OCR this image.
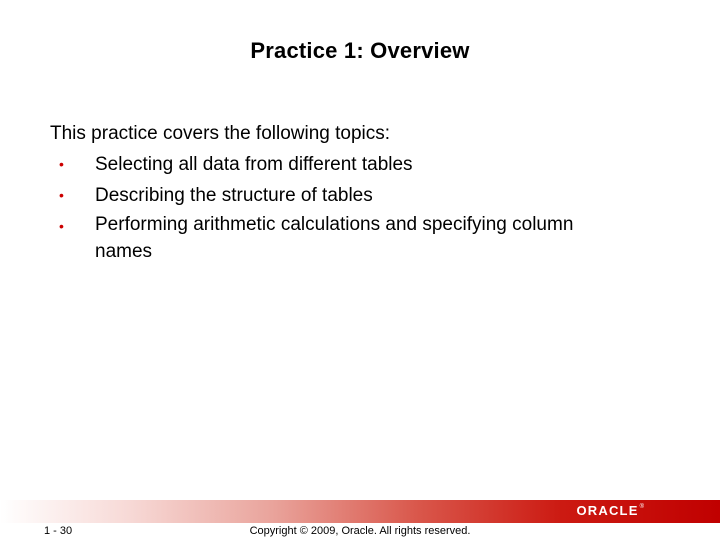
Practice 1: Overview
This practice covers the following topics:
• Selecting all data from different tables
• Describing the structure of tables
• Performing arithmetic calculations and specifying column
names
ORACLE ®
1 - 30	Copyright © 2009, Oracle. All rights reserved.
